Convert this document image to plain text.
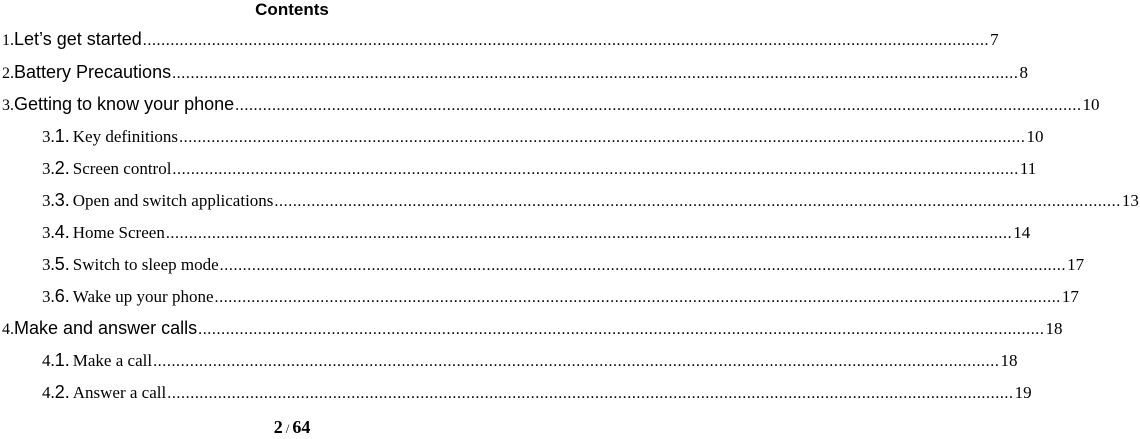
Contents
1. Let’s get started .....	7
2. Battery Precautions .....	8
3. Getting to know your phone .....	10
3.1. Key definitions .....	10
3.2. Screen control .....	11
3.3. Open and switch applications .....	13
3.4. Home Screen .....	14
3.5. Switch to sleep mode .....	17
3.6. Wake up your phone .....	17
4. Make and answer calls .....	18
4.1. Make a call .....	18
4.2. Answer a call .....	19
2 / 64
